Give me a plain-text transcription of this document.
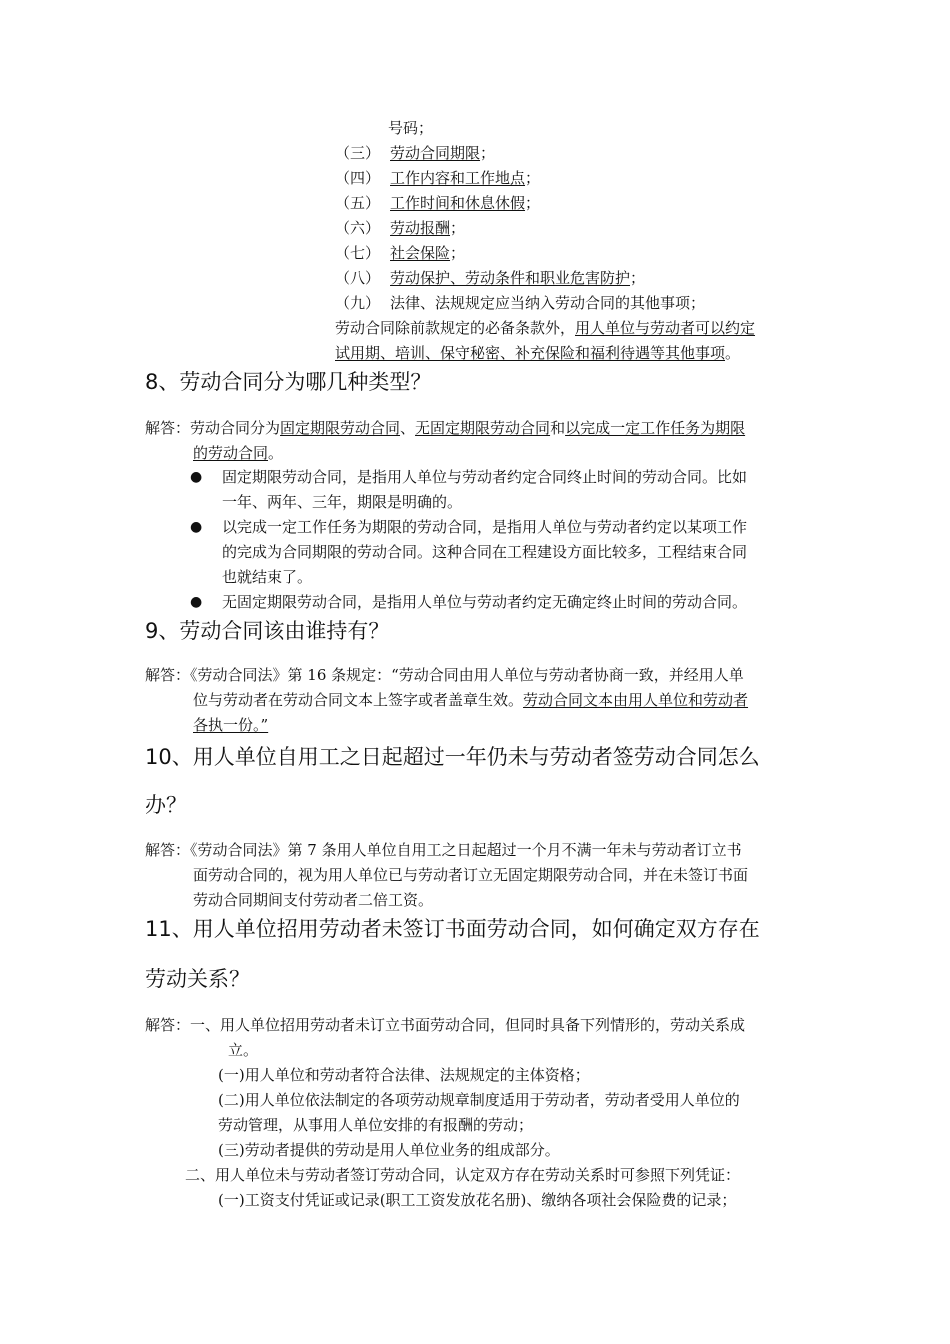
号码；
（三） 劳动合同期限；
（四） 工作内容和工作地点；
（五） 工作时间和休息休假；
（六） 劳动报酬；
（七） 社会保险；
（八） 劳动保护、劳动条件和职业危害防护；
（九） 法律、法规规定应当纳入劳动合同的其他事项；
劳动合同除前款规定的必备条款外，用人单位与劳动者可以约定
试用期、培训、保守秘密、补充保险和福利待遇等其他事项。
8、劳动合同分为哪几种类型？
解答：劳动合同分为固定期限劳动合同、无固定期限劳动合同和以完成一定工作任务为期限
的劳动合同。
● 固定期限劳动合同，是指用人单位与劳动者约定合同终止时间的劳动合同。比如
一年、两年、三年，期限是明确的。
● 以完成一定工作任务为期限的劳动合同，是指用人单位与劳动者约定以某项工作
的完成为合同期限的劳动合同。这种合同在工程建设方面比较多，工程结束合同
也就结束了。
● 无固定期限劳动合同，是指用人单位与劳动者约定无确定终止时间的劳动合同。
9、劳动合同该由谁持有？
解答：《劳动合同法》第 16 条规定：“劳动合同由用人单位与劳动者协商一致，并经用人单
位与劳动者在劳动合同文本上签字或者盖章生效。劳动合同文本由用人单位和劳动者
各执一份。”
10、用人单位自用工之日起超过一年仍未与劳动者签劳动合同怎么
办？
解答：《劳动合同法》第 7 条用人单位自用工之日起超过一个月不满一年未与劳动者订立书
面劳动合同的，视为用人单位已与劳动者订立无固定期限劳动合同，并在未签订书面
劳动合同期间支付劳动者二倍工资。
11、用人单位招用劳动者未签订书面劳动合同，如何确定双方存在
劳动关系？
解答：一、用人单位招用劳动者未订立书面劳动合同，但同时具备下列情形的，劳动关系成
立。
(一)用人单位和劳动者符合法律、法规规定的主体资格；
(二)用人单位依法制定的各项劳动规章制度适用于劳动者，劳动者受用人单位的
劳动管理，从事用人单位安排的有报酬的劳动；
(三)劳动者提供的劳动是用人单位业务的组成部分。
二、用人单位未与劳动者签订劳动合同，认定双方存在劳动关系时可参照下列凭证：
(一)工资支付凭证或记录(职工工资发放花名册)、缴纳各项社会保险费的记录；
